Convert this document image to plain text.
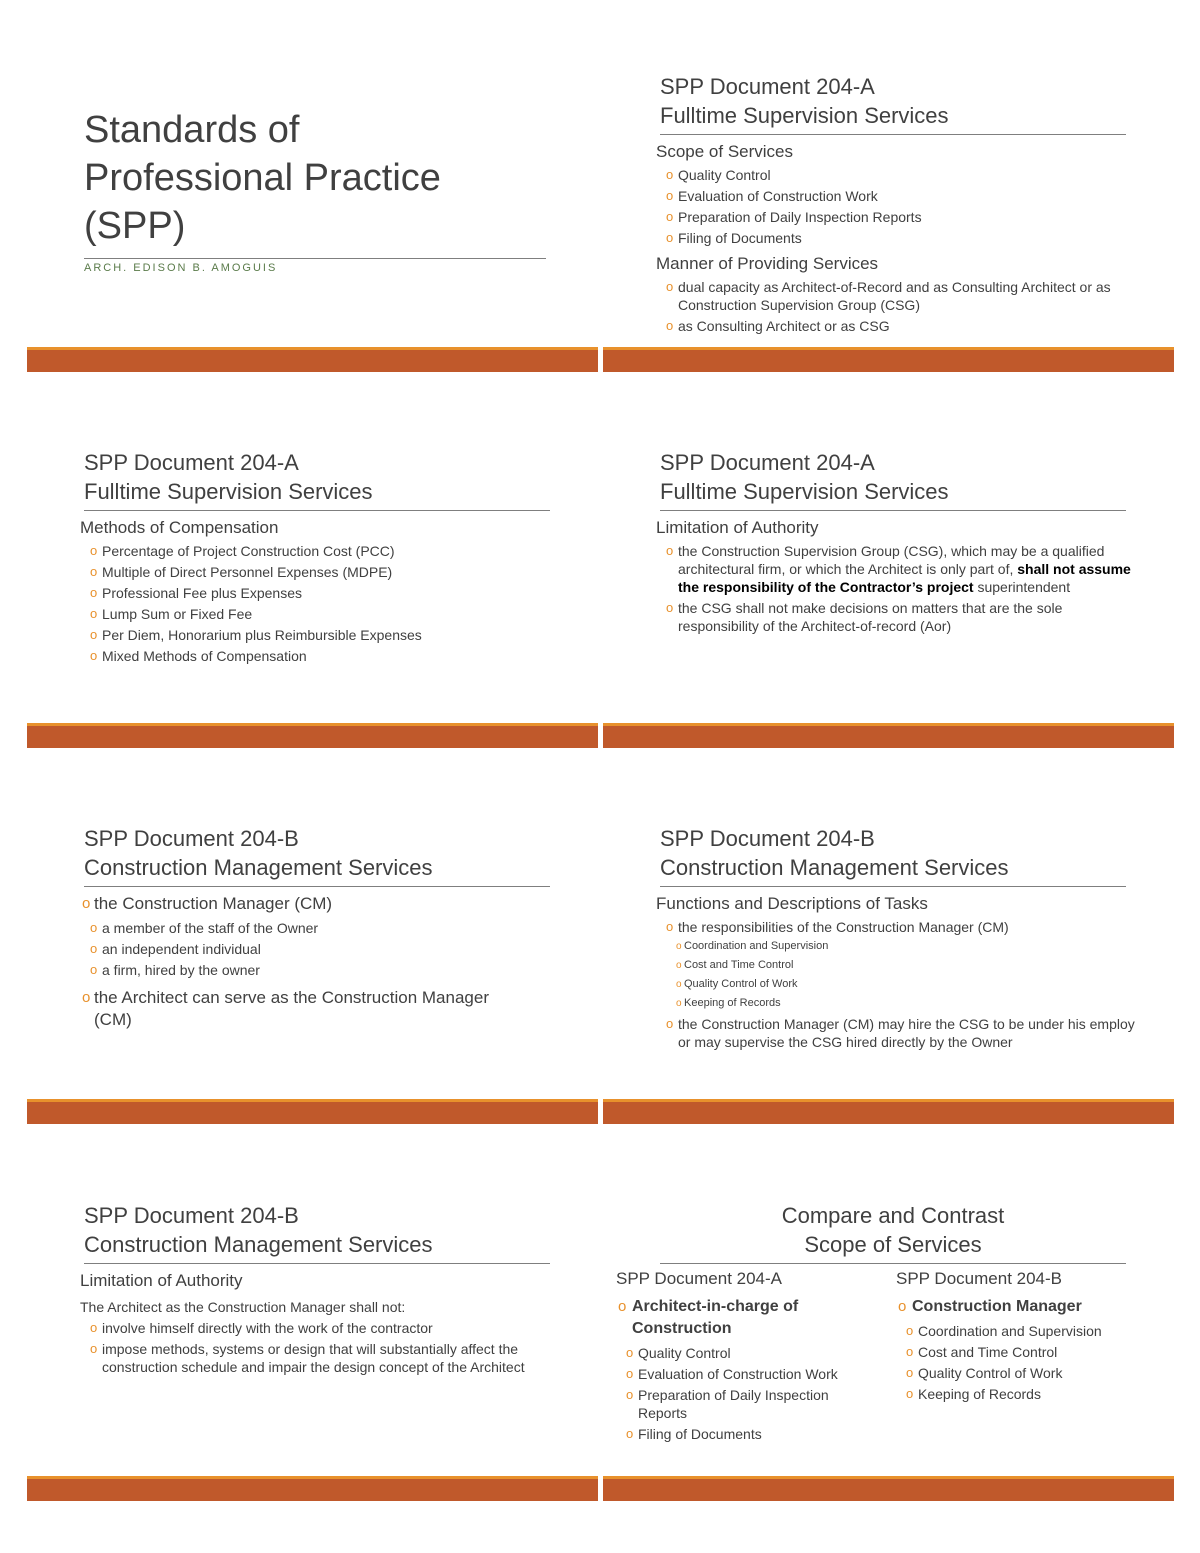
Standards of
Professional Practice
(SPP)
ARCH. EDISON B. AMOGUIS
SPP Document 204-A
Fulltime Supervision Services
Scope of Services
o Quality Control
o Evaluation of Construction Work
o Preparation of Daily Inspection Reports
o Filing of Documents
Manner of Providing Services
o dual capacity as Architect-of-Record and as Consulting Architect or as Construction Supervision Group (CSG)
o as Consulting Architect or as CSG
SPP Document 204-A
Fulltime Supervision Services
Methods of Compensation
o Percentage of Project Construction Cost (PCC)
o Multiple of Direct Personnel Expenses (MDPE)
o Professional Fee plus Expenses
o Lump Sum or Fixed Fee
o Per Diem, Honorarium plus Reimbursible Expenses
o Mixed Methods of Compensation
SPP Document 204-A
Fulltime Supervision Services
Limitation of Authority
o the Construction Supervision Group (CSG), which may be a qualified architectural firm, or which the Architect is only part of, shall not assume the responsibility of the Contractor’s project superintendent
o the CSG shall not make decisions on matters that are the sole responsibility of the Architect-of-record (Aor)
SPP Document 204-B
Construction Management Services
o the Construction Manager (CM)
o a member of the staff of the Owner
o an independent individual
o a firm, hired by the owner
o the Architect can serve as the Construction Manager (CM)
SPP Document 204-B
Construction Management Services
Functions and Descriptions of Tasks
o the responsibilities of the Construction Manager (CM)
o Coordination and Supervision
o Cost and Time Control
o Quality Control of Work
o Keeping of Records
o the Construction Manager (CM) may hire the CSG to be under his employ or may supervise the CSG hired directly by the Owner
SPP Document 204-B
Construction Management Services
Limitation of Authority
The Architect as the Construction Manager shall not:
o involve himself directly with the work of the contractor
o impose methods, systems or design that will substantially affect the construction schedule and impair the design concept of the Architect
Compare and Contrast
Scope of Services
SPP Document 204-A
o Architect-in-charge of Construction
o Quality Control
o Evaluation of Construction Work
o Preparation of Daily Inspection Reports
o Filing of Documents
SPP Document 204-B
o Construction Manager
o Coordination and Supervision
o Cost and Time Control
o Quality Control of Work
o Keeping of Records
